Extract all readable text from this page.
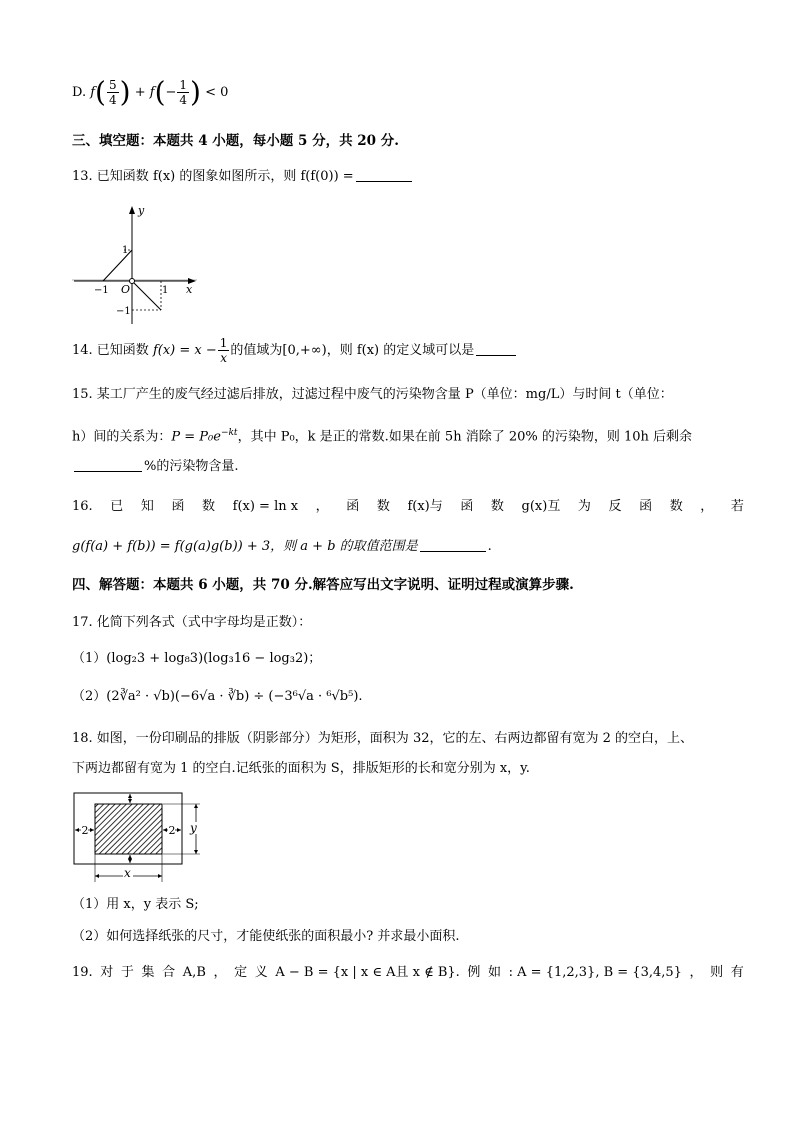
D. $f( \frac{5}{4}$ ) + $f(- \frac{1}{4}$ ) < 0
三、填空题：本题共 4 小题，每小题 5 分，共 20 分.
13. 已知函数 f(x) 的图象如图所示，则 f(f(0)) =
y
x
O
−1	1
1
−1
14. 已知函数 $f(x) = x - \frac{1}{x}$ 的值域为[0,+∞)，则 f(x) 的定义域可以是
15. 某工厂产生的废气经过滤后排放，过滤过程中废气的污染物含量 P（单位：mg/L）与时间 t（单位：
h）间的关系为：$P = P_0e^{-kt}$，其中 P₀，k 是正的常数.如果在前 5h 消除了 20% 的污染物，则 10h 后剩余
%的污染物含量.
16. 已 知 函 数 f(x) = ln x ， 函 数 f(x)与 函 数 g(x)互 为 反 函 数 ， 若
g(f(a) + f(b)) = f(g(a)g(b)) + 3，则 a + b 的取值范围是	.
四、解答题：本题共 6 小题，共 70 分.解答应写出文字说明、证明过程或演算步骤.
17. 化简下列各式（式中字母均是正数）：
（1）(log₂3 + log₈3)(log₃16 − log₃2)；
（2）(2∛a² · √b)(−6√a · ∛b) ÷ (−3⁶√a · ⁶√b⁵).
18. 如图，一份印刷品的排版（阴影部分）为矩形，面积为 32，它的左、右两边都留有宽为 2 的空白，上、
下两边都留有宽为 1 的空白.记纸张的面积为 S，排版矩形的长和宽分别为 x，y.
2	2 y
x
（1）用 x，y 表示 S;
（2）如何选择纸张的尺寸，才能使纸张的面积最小? 并求最小面积.
19. 对 于 集 合 A,B ， 定 义 A − B = {x | x ∈ A且 x ∉ B}. 例 如 : A = {1,2,3}, B = {3,4,5} ， 则 有
